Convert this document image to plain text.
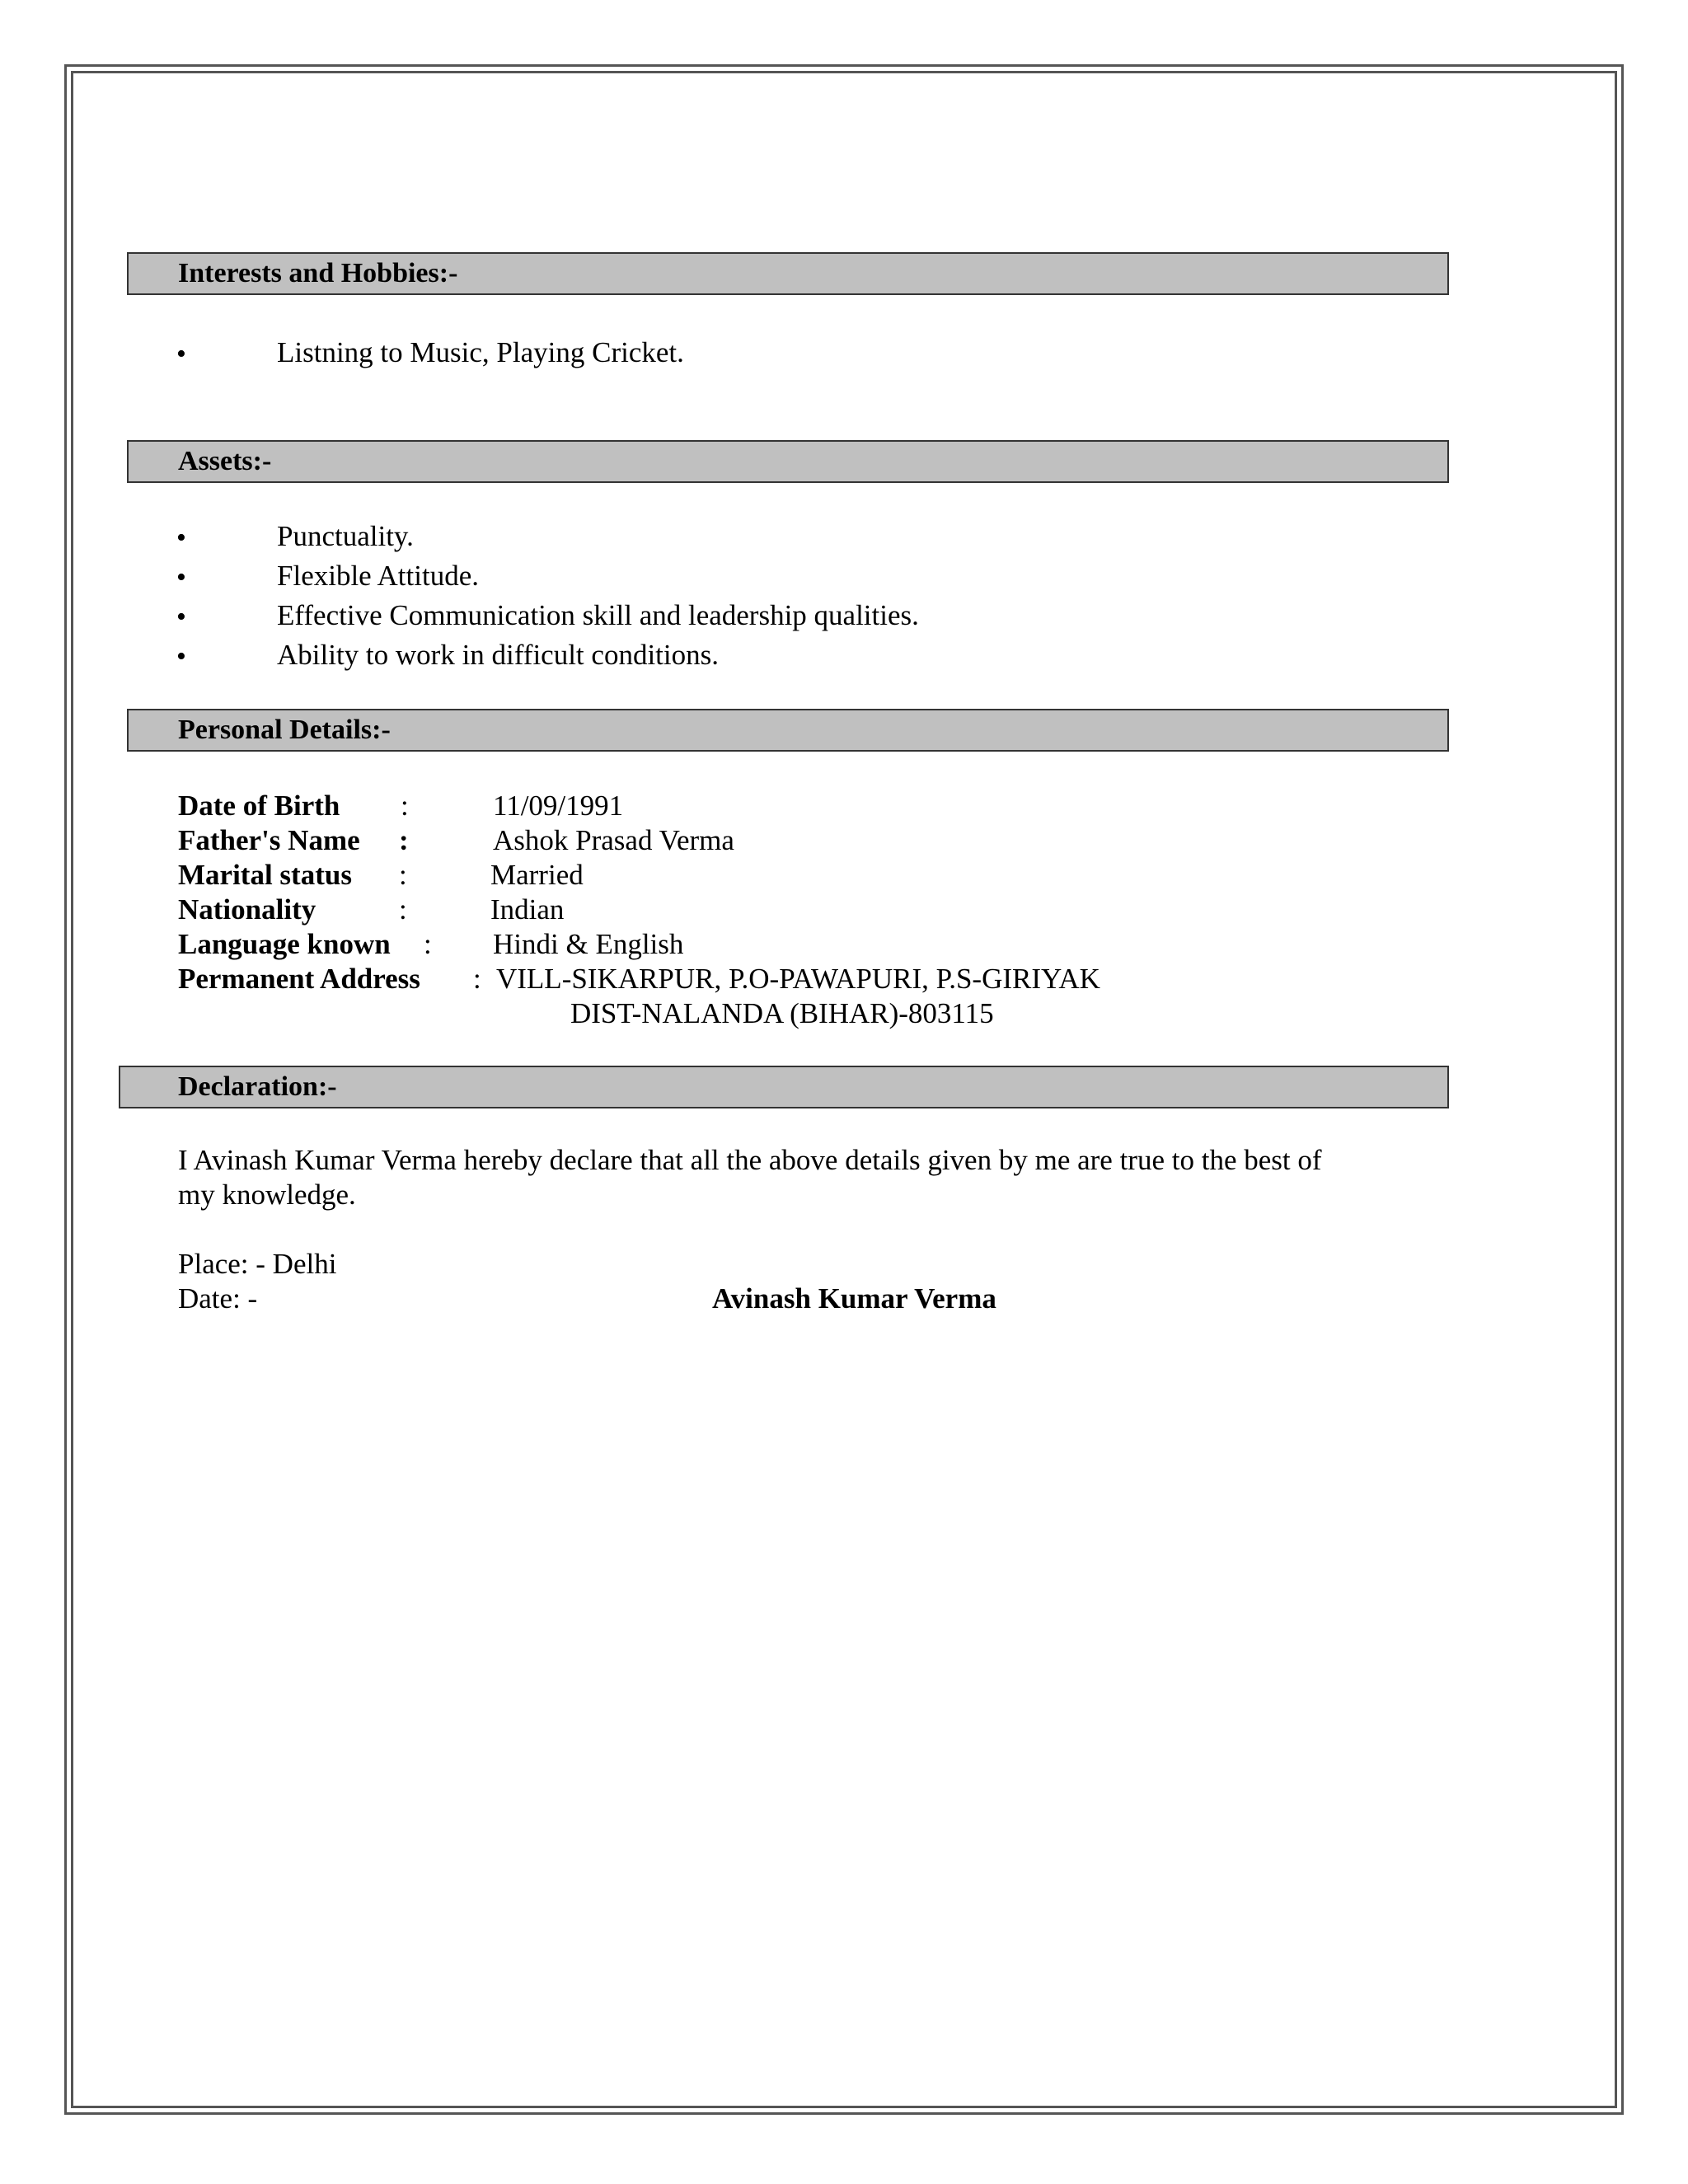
Interests and Hobbies:-
•	Listning to Music, Playing Cricket.
Assets:-
•	Punctuality.
•	Flexible Attitude.
•	Effective Communication skill and leadership qualities.
•	Ability to work in difficult conditions.
Personal Details:-
Date of Birth :	11/09/1991
Father's Name :	Ashok Prasad Verma
Marital status :	Married
Nationality	:	Indian
Language known : Hindi & English
Permanent Address : VILL-SIKARPUR, P.O-PAWAPURI, P.S-GIRIYAK
DIST-NALANDA (BIHAR)-803115
Declaration:-
I Avinash Kumar Verma hereby declare that all the above details given by me are true to the best of
my knowledge.
Place: - Delhi
Date: -	Avinash Kumar Verma
